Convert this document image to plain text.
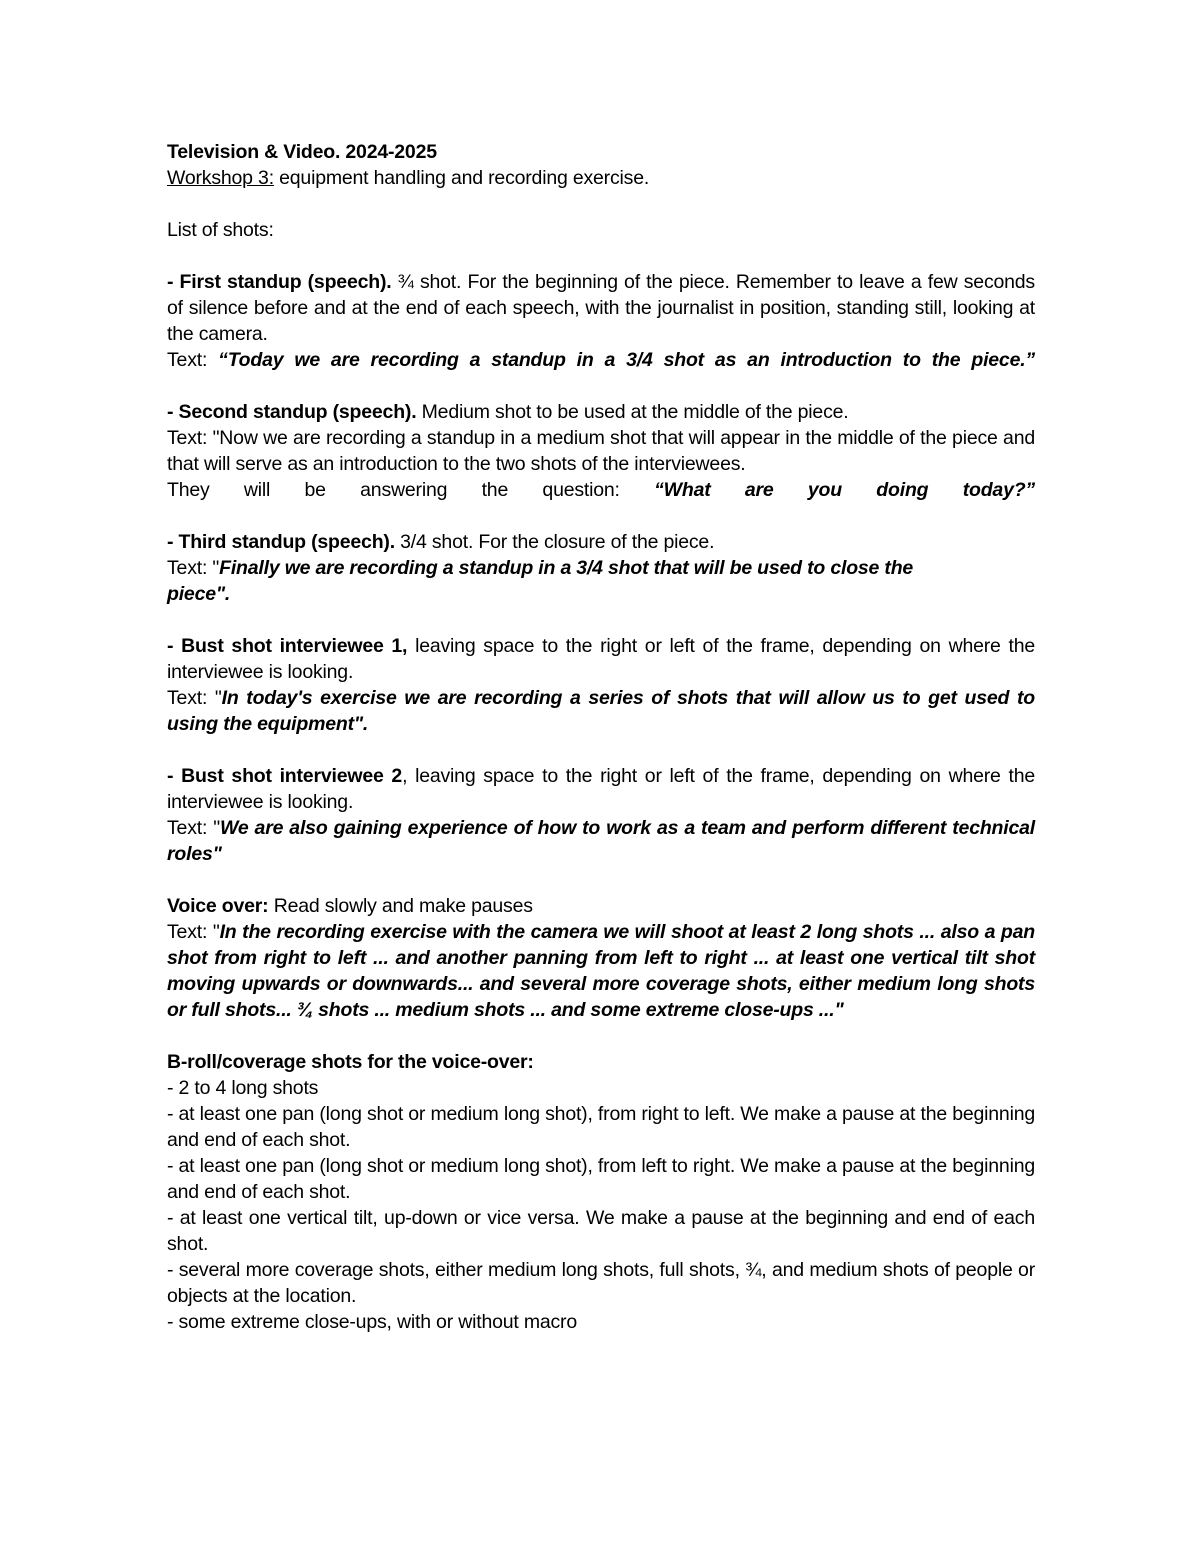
Television & Video. 2024-2025

Workshop 3: equipment handling and recording exercise.

List of shots:

- First standup (speech). ¾ shot. For the beginning of the piece. Remember to leave a few seconds of silence before and at the end of each speech, with the journalist in position, standing still, looking at the camera.

Text: “Today we are recording a standup in a 3/4 shot as an introduction to the piece.”

- Second standup (speech). Medium shot to be used at the middle of the piece.

Text: "Now we are recording a standup in a medium shot that will appear in the middle of the piece and that will serve as an introduction to the two shots of the interviewees.

They will be answering the question: “What are you doing today?”

- Third standup (speech). 3/4 shot. For the closure of the piece.

Text: "Finally we are recording a standup in a 3/4 shot that will be used to close the piece".

- Bust shot interviewee 1, leaving space to the right or left of the frame, depending on where the interviewee is looking.

Text: "In today's exercise we are recording a series of shots that will allow us to get used to using the equipment".

- Bust shot interviewee 2, leaving space to the right or left of the frame, depending on where the interviewee is looking.

Text: "We are also gaining experience of how to work as a team and perform different technical roles"

Voice over: Read slowly and make pauses

Text: "In the recording exercise with the camera we will shoot at least 2 long shots ... also a pan shot from right to left ... and another panning from left to right ... at least one vertical tilt shot moving upwards or downwards... and several more coverage shots, either medium long shots or full shots... ¾ shots ... medium shots ... and some extreme close-ups ..."

B-roll/coverage shots for the voice-over:

- 2 to 4 long shots

- at least one pan (long shot or medium long shot), from right to left. We make a pause at the beginning and end of each shot.

- at least one pan (long shot or medium long shot), from left to right. We make a pause at the beginning and end of each shot.

- at least one vertical tilt, up-down or vice versa. We make a pause at the beginning and end of each shot.

- several more coverage shots, either medium long shots, full shots, ¾, and medium shots of people or objects at the location.

- some extreme close-ups, with or without macro
